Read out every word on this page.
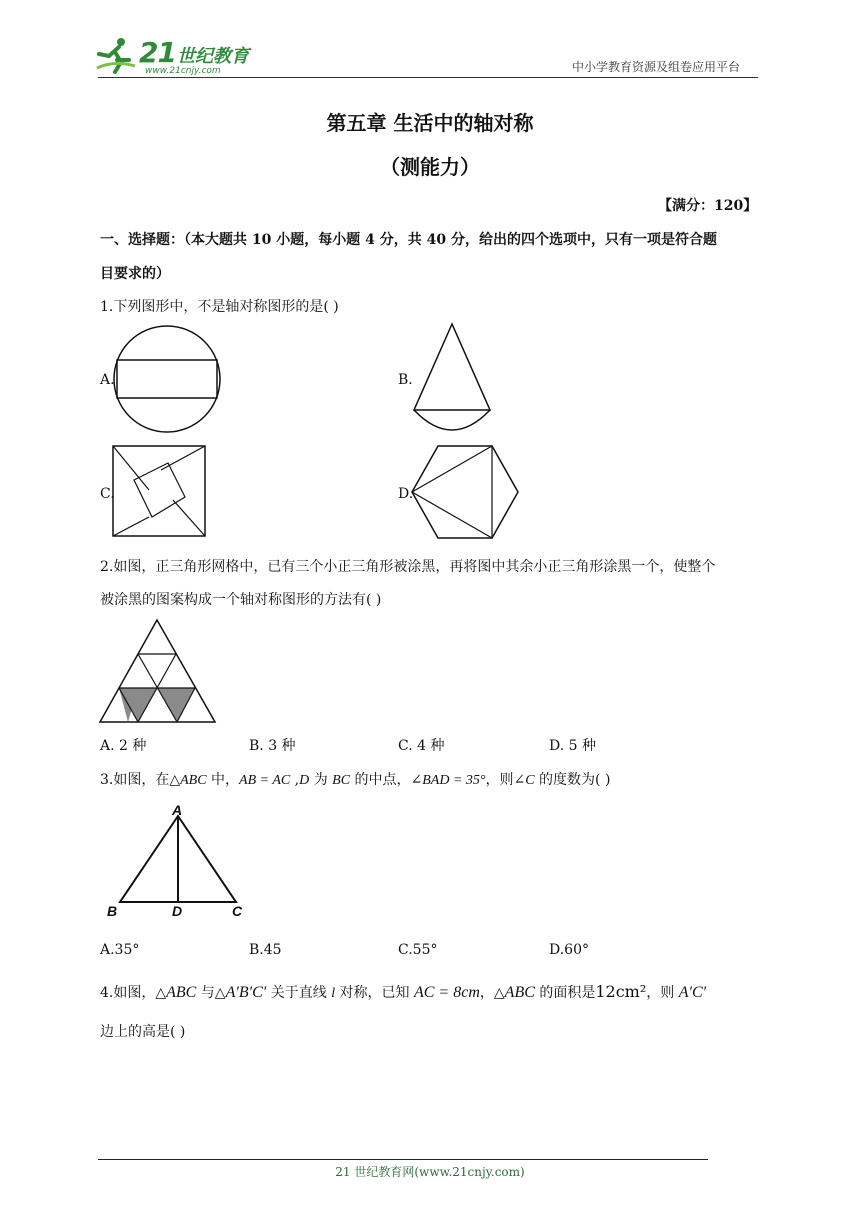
21 世纪教育
www.21cnjy.com	中小学教育资源及组卷应用平台
第五章 生活中的轴对称
（测能力）
【满分：120】
一、选择题：（本大题共 10 小题，每小题 4 分，共 40 分，给出的四个选项中，只有一项是符合题
目要求的）
1.下列图形中，不是轴对称图形的是( )
A.	B.
C.	D.
2.如图，正三角形网格中，已有三个小正三角形被涂黑，再将图中其余小正三角形涂黑一个，使整个
被涂黑的图案构成一个轴对称图形的方法有( )
A. 2 种	B. 3 种	C. 4 种	D. 5 种
3.如图，在△ABC 中，AB = AC ,D 为 BC 的中点，∠BAD = 35°，则∠C 的度数为( )
A
B	D	C
A.35°	B.45	C.55°	D.60°
4.如图，△ABC 与△A′B′C′ 关于直线 l 对称，已知 AC = 8cm，△ABC 的面积是12cm²，则 A′C′
边上的高是( )
21 世纪教育网(www.21cnjy.com)
